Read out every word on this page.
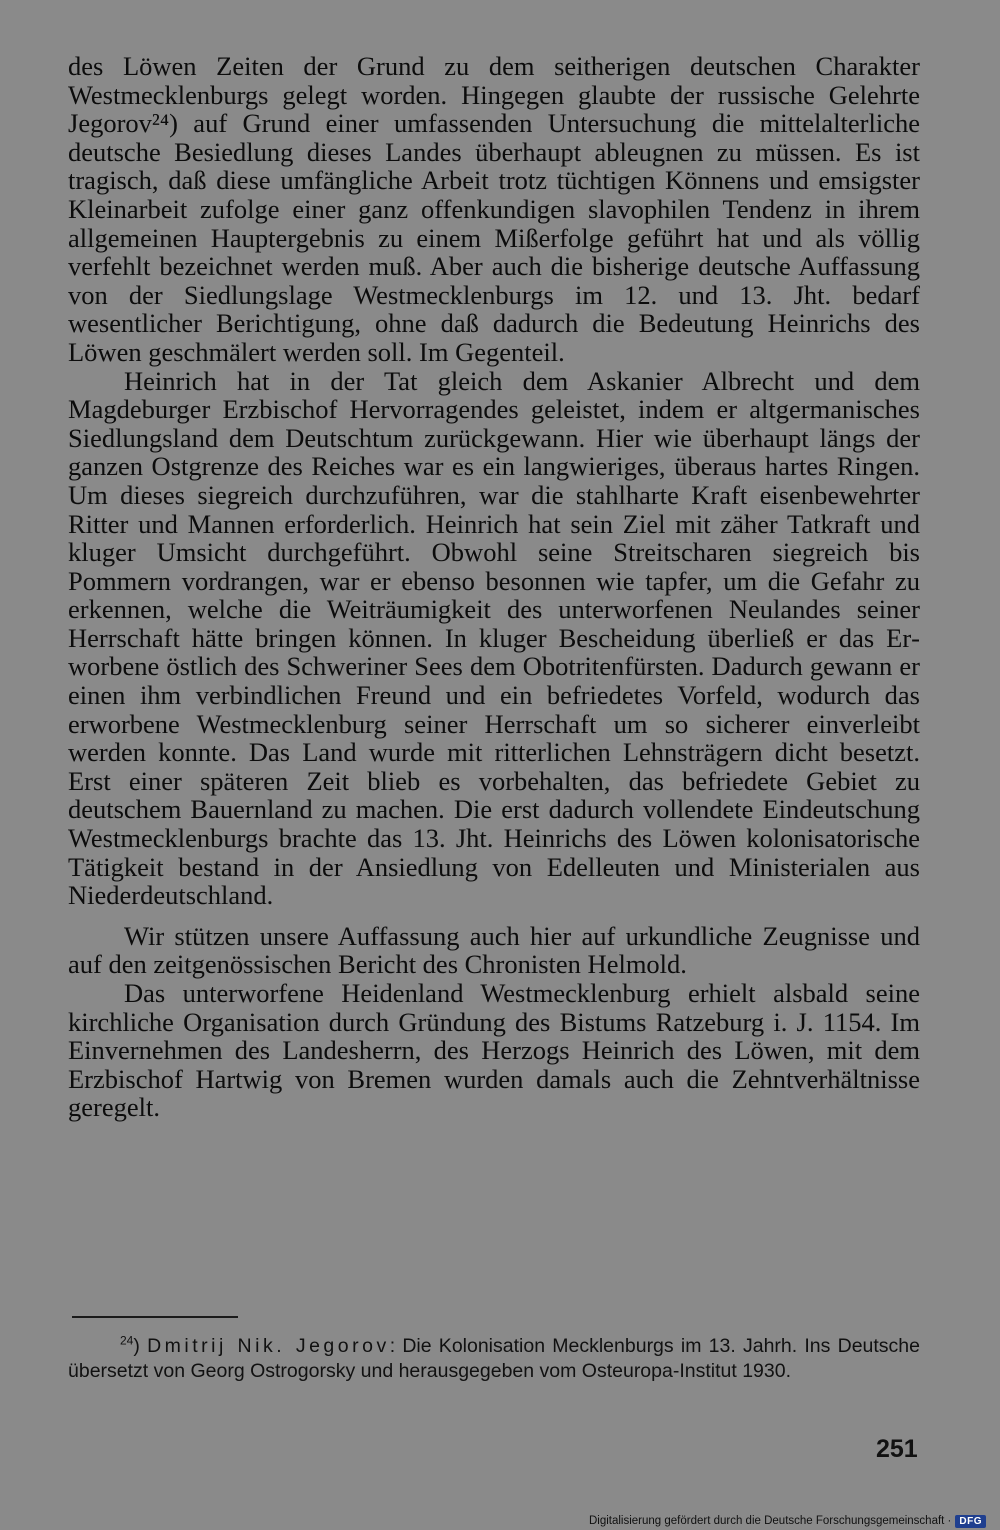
des Löwen Zeiten der Grund zu dem seitherigen deutschen Charakter Westmecklenburgs gelegt worden. Hingegen glaubte der russische Gelehrte Jegorov²⁴) auf Grund einer umfassenden Untersuchung die mittelalterliche deutsche Besiedlung dieses Landes überhaupt ableugnen zu müssen. Es ist tragisch, daß diese umfängliche Arbeit trotz tüchtigen Könnens und emsigster Kleinarbeit zufolge einer ganz offenkundigen slavophilen Tendenz in ihrem allgemeinen Hauptergebnis zu einem Mißerfolge geführt hat und als völlig verfehlt bezeichnet werden muß. Aber auch die bisherige deutsche Auffassung von der Siedlungslage Westmecklenburgs im 12. und 13. Jht. bedarf wesentlicher Berichtigung, ohne daß dadurch die Bedeutung Heinrichs des Löwen geschmälert werden soll. Im Gegenteil.

Heinrich hat in der Tat gleich dem Askanier Albrecht und dem Magdeburger Erzbischof Hervorragendes geleistet, indem er altgermanisches Siedlungsland dem Deutschtum zurückgewann. Hier wie überhaupt längs der ganzen Ostgrenze des Reiches war es ein langwieriges, überaus hartes Ringen. Um dieses siegreich durchzuführen, war die stahlharte Kraft eisenbewehrter Ritter und Mannen erforderlich. Heinrich hat sein Ziel mit zäher Tatkraft und kluger Umsicht durchgeführt. Obwohl seine Streitscharen siegreich bis Pommern vordrangen, war er ebenso besonnen wie tapfer, um die Gefahr zu erkennen, welche die Weiträumigkeit des unterworfenen Neulandes seiner Herrschaft hätte bringen können. In kluger Bescheidung überließ er das Erworbene östlich des Schweriner Sees dem Obotritenfürsten. Dadurch gewann er einen ihm verbindlichen Freund und ein befriedetes Vorfeld, wodurch das erworbene Westmecklenburg seiner Herrschaft um so sicherer einverleibt werden konnte. Das Land wurde mit ritterlichen Lehnsträgern dicht besetzt. Erst einer späteren Zeit blieb es vorbehalten, das befriedete Gebiet zu deutschem Bauernland zu machen. Die erst dadurch vollendete Eindeutschung Westmecklenburgs brachte das 13. Jht. Heinrichs des Löwen kolonisatorische Tätigkeit bestand in der Ansiedlung von Edelleuten und Ministerialen aus Niederdeutschland.

Wir stützen unsere Auffassung auch hier auf urkundliche Zeugnisse und auf den zeitgenössischen Bericht des Chronisten Helmold.

Das unterworfene Heidenland Westmecklenburg erhielt alsbald seine kirchliche Organisation durch Gründung des Bistums Ratzeburg i. J. 1154. Im Einvernehmen des Landesherrn, des Herzogs Heinrich des Löwen, mit dem Erzbischof Hartwig von Bremen wurden damals auch die Zehntverhältnisse geregelt.

$^{24}$) Dmitrij Nik. Jegorov: Die Kolonisation Mecklenburgs im 13. Jahrh. Ins Deutsche übersetzt von Georg Ostrogorsky und herausgegeben vom Osteuropa-Institut 1930.
251
Digitalisierung gefördert durch die Deutsche Forschungsgemeinschaft · DFG
